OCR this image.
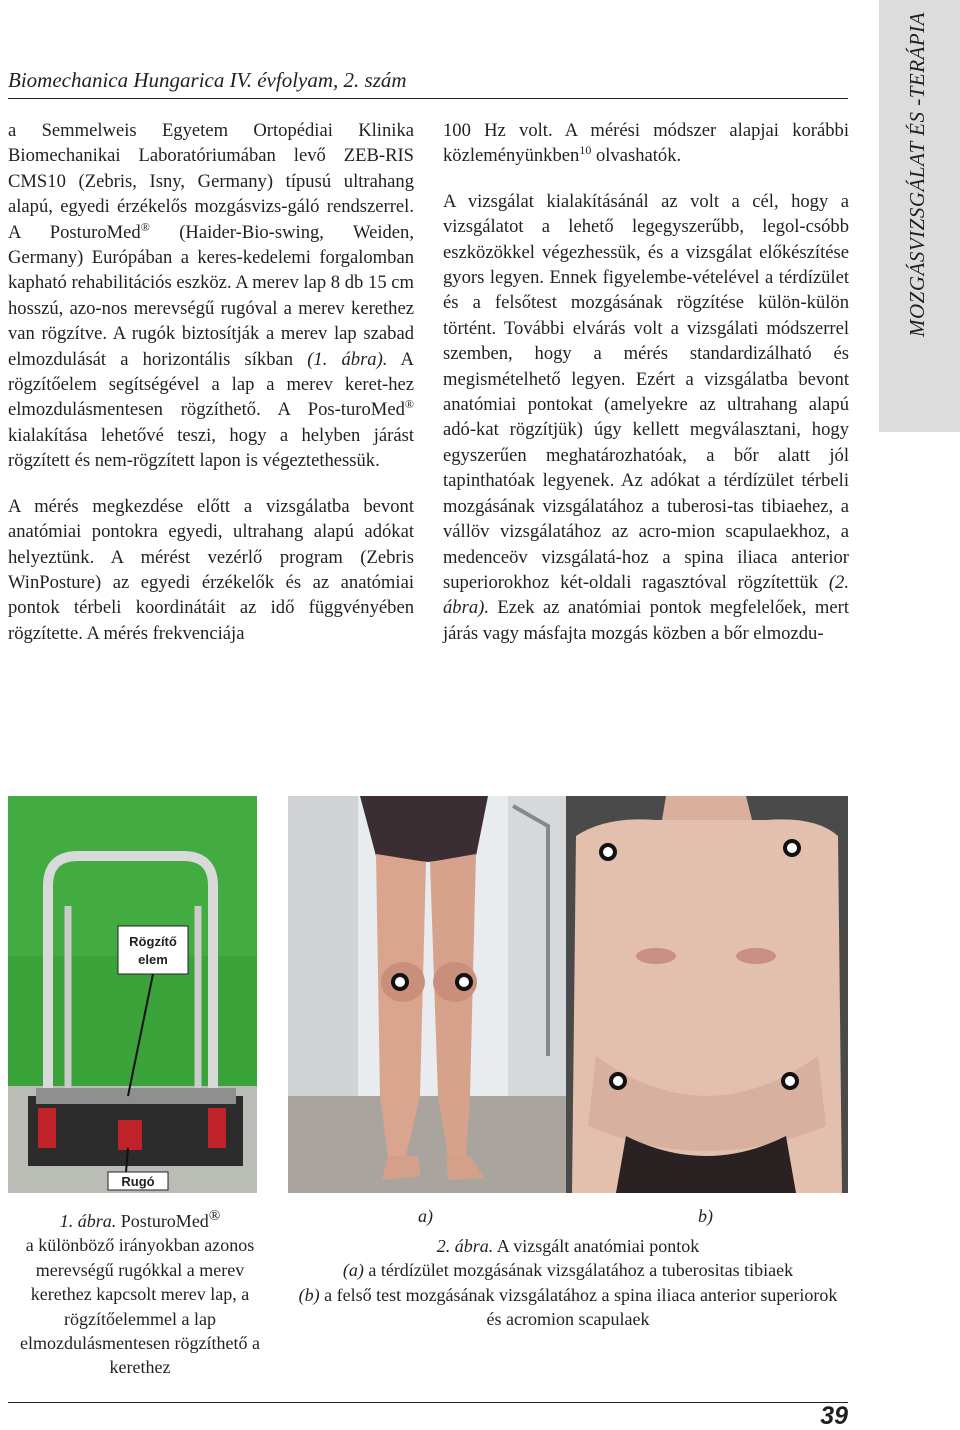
Biomechanica Hungarica IV. évfolyam, 2. szám	MOZGÁSVIZSGÁLAT ÉS -TERÁPIA

a Semmelweis Egyetem Ortopédiai Klinika Biomechanikai Laboratóriumában levő ZEB-RIS CMS10 (Zebris, Isny, Germany) típusú ultrahang alapú, egyedi érzékelős mozgásvizs-gáló rendszerrel. A PosturoMed® (Haider-Bio-swing, Weiden, Germany) Európában a keres-kedelemi forgalomban kapható rehabilitációs eszköz. A merev lap 8 db 15 cm hosszú, azo-nos merevségű rugóval a merev kerethez van rögzítve. A rugók biztosítják a merev lap szabad elmozdulását a horizontális síkban (1. ábra). A rögzítőelem segítségével a lap a merev keret-hez elmozdulásmentesen rögzíthető. A Pos-turoMed® kialakítása lehetővé teszi, hogy a helyben járást rögzített és nem-rögzített lapon is végeztethessük.

A mérés megkezdése előtt a vizsgálatba bevont anatómiai pontokra egyedi, ultrahang alapú adókat helyeztünk. A mérést vezérlő program (Zebris WinPosture) az egyedi érzékelők és az anatómiai pontok térbeli koordinátáit az idő függvényében rögzítette. A mérés frekvenciája

100 Hz volt. A mérési módszer alapjai korábbi közleményünkben$^{10}$ olvashatók.

A vizsgálat kialakításánál az volt a cél, hogy a vizsgálatot a lehető legegyszerűbb, legol-csóbb eszközökkel végezhessük, és a vizsgálat előkészítése gyors legyen. Ennek figyelembe-vételével a térdízület és a felsőtest mozgásának rögzítése külön-külön történt. További elvárás volt a vizsgálati módszerrel szemben, hogy a mérés standardizálható és megismételhető legyen. Ezért a vizsgálatba bevont anatómiai pontokat (amelyekre az ultrahang alapú adó-kat rögzítjük) úgy kellett megválasztani, hogy egyszerűen meghatározhatóak, a bőr alatt jól tapinthatóak legyenek. Az adókat a térdízület térbeli mozgásának vizsgálatához a tuberosi-tas tibiaehez, a vállöv vizsgálatához az acro-mion scapulaekhoz, a medenceöv vizsgálatá-hoz a spina iliaca anterior superiorokhoz két-oldali ragasztóval rögzítettük (2. ábra). Ezek az anatómiai pontok megfelelőek, mert járás vagy másfajta mozgás közben a bőr elmozdu-

Rögzítő
elem
Rugó
1. ábra. PosturoMed®
a különböző irányokban azonos merevségű rugókkal a merev kerethez kapcsolt merev lap, a rögzítőelemmel a lap elmozdulásmentesen rögzíthető a kerethez
a)	b)
2. ábra. A vizsgált anatómiai pontok
(a) a térdízület mozgásának vizsgálatához a tuberositas tibiaek
(b) a felső test mozgásának vizsgálatához a spina iliaca anterior superiorok és acromion scapulaek
39
